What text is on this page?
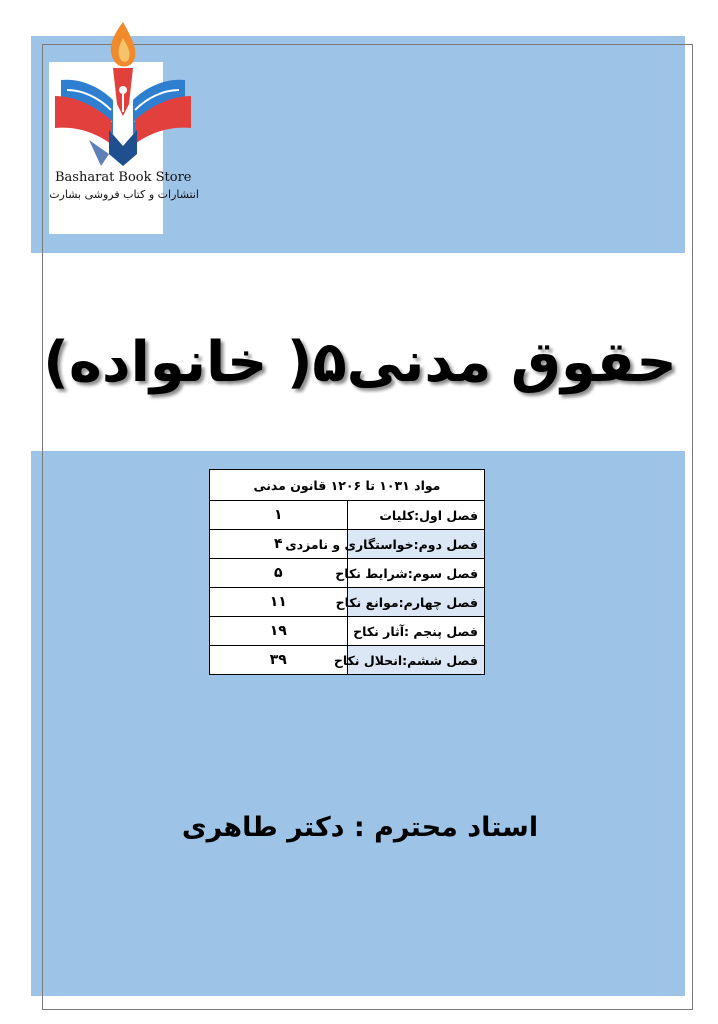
Basharat Book Store
انتشارات و کتاب فروشی بشارت
حقوق مدنی۵( خانواده)
مواد ۱۰۳۱ تا ۱۲۰۶ قانون مدنی	
فصل اول:کلیات	۱
فصل دوم:خواستگاری و نامزدی	۴
فصل سوم:شرایط نکاح	۵
فصل چهارم:موانع نکاح	۱۱
فصل پنجم :آثار نکاح	۱۹
فصل ششم:انحلال نکاح	۳۹
استاد محترم : دکتر طاهری
